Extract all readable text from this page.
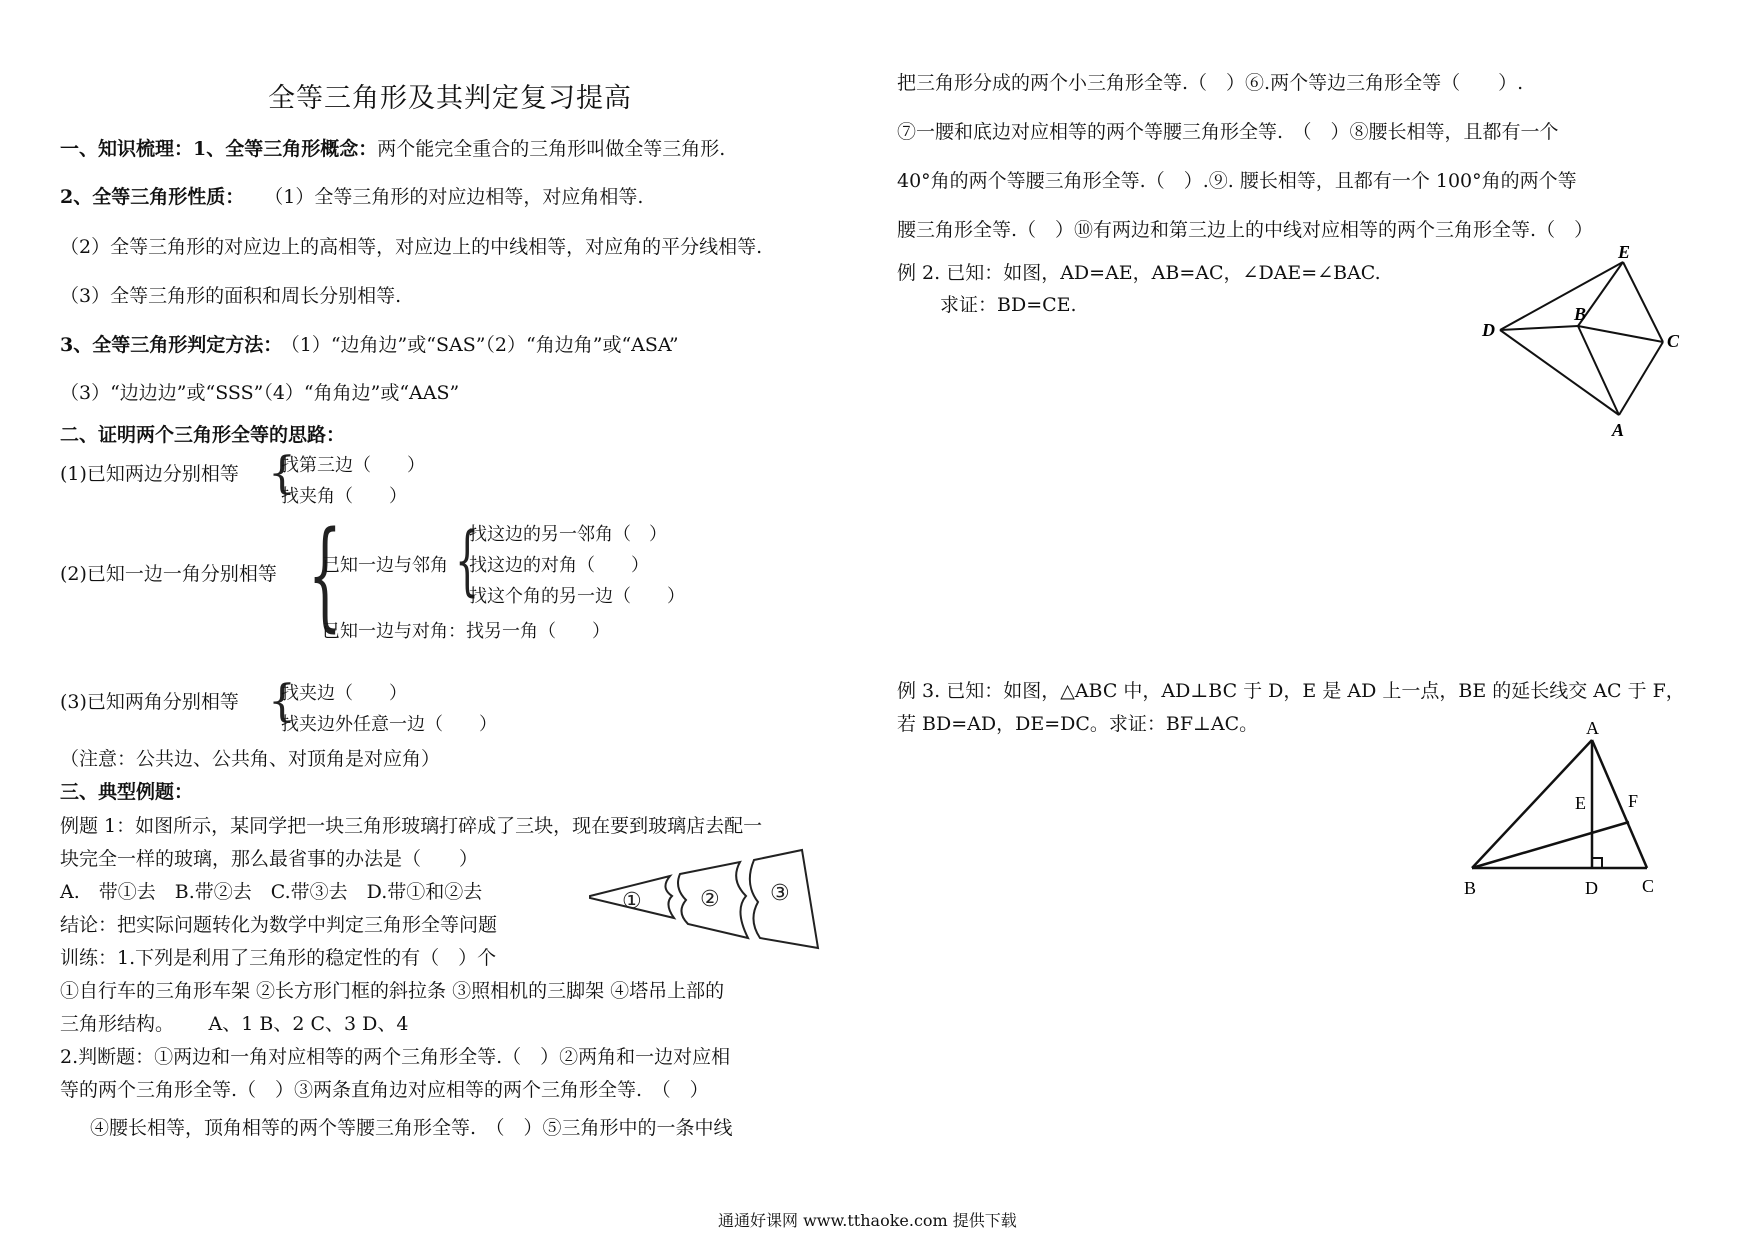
全等三角形及其判定复习提高
一、知识梳理：1、全等三角形概念：两个能完全重合的三角形叫做全等三角形.
2、全等三角形性质： （1）全等三角形的对应边相等，对应角相等.
（2）全等三角形的对应边上的高相等，对应边上的中线相等，对应角的平分线相等.
（3）全等三角形的面积和周长分别相等.
3、全等三角形判定方法： （1）“边角边”或“SAS”（2）“角边角”或“ASA”
（3）“边边边”或“SSS”（4）“角角边”或“AAS”
二、证明两个三角形全等的思路：
(1)已知两边分别相等 {
找第三边（　　）
找夹角（　　）
(2)已知一边一角分别相等 {
已知一边与邻角 {
找这边的另一邻角（　）
找这边的对角（　　）
找这个角的另一边（　　）
已知一边与对角：找另一角（　　）
(3)已知两角分别相等 {
找夹边（　　）
找夹边外任意一边（　　）
（注意：公共边、公共角、对顶角是对应角）
三、典型例题：
例题 1：如图所示，某同学把一块三角形玻璃打碎成了三块，现在要到玻璃店去配一
块完全一样的玻璃，那么最省事的办法是（　　）
A.　带①去　B.带②去　C.带③去　D.带①和②去
结论：把实际问题转化为数学中判定三角形全等问题
训练：1.下列是利用了三角形的稳定性的有（　）个
①自行车的三角形车架 ②长方形门框的斜拉条 ③照相机的三脚架 ④塔吊上部的
三角形结构。　　 A、1 B、2 C、3 D、4
2.判断题：①两边和一角对应相等的两个三角形全等.（　）②两角和一边对应相
等的两个三角形全等.（　）③两条直角边对应相等的两个三角形全等.　（　）
④腰长相等，顶角相等的两个等腰三角形全等.　（　）⑤三角形中的一条中线
①	② ③
把三角形分成的两个小三角形全等.（　）⑥.两个等边三角形全等（　　）.
⑦一腰和底边对应相等的两个等腰三角形全等.　（　）⑧腰长相等，且都有一个
40°角的两个等腰三角形全等.（　）.⑨. 腰长相等，且都有一个 100°角的两个等
腰三角形全等.（　）⑩有两边和第三边上的中线对应相等的两个三角形全等.（　）
例 2. 已知：如图，AD=AE，AB=AC，∠DAE=∠BAC.
求证：BD=CE.
E
D
B
C
A
例 3. 已知：如图，△ABC 中，AD⊥BC 于 D，E 是 AD 上一点，BE 的延长线交 AC 于 F，
若 BD=AD，DE=DC。求证：BF⊥AC。	A
E F
B	D C
通通好课网 www.tthaoke.com 提供下载
